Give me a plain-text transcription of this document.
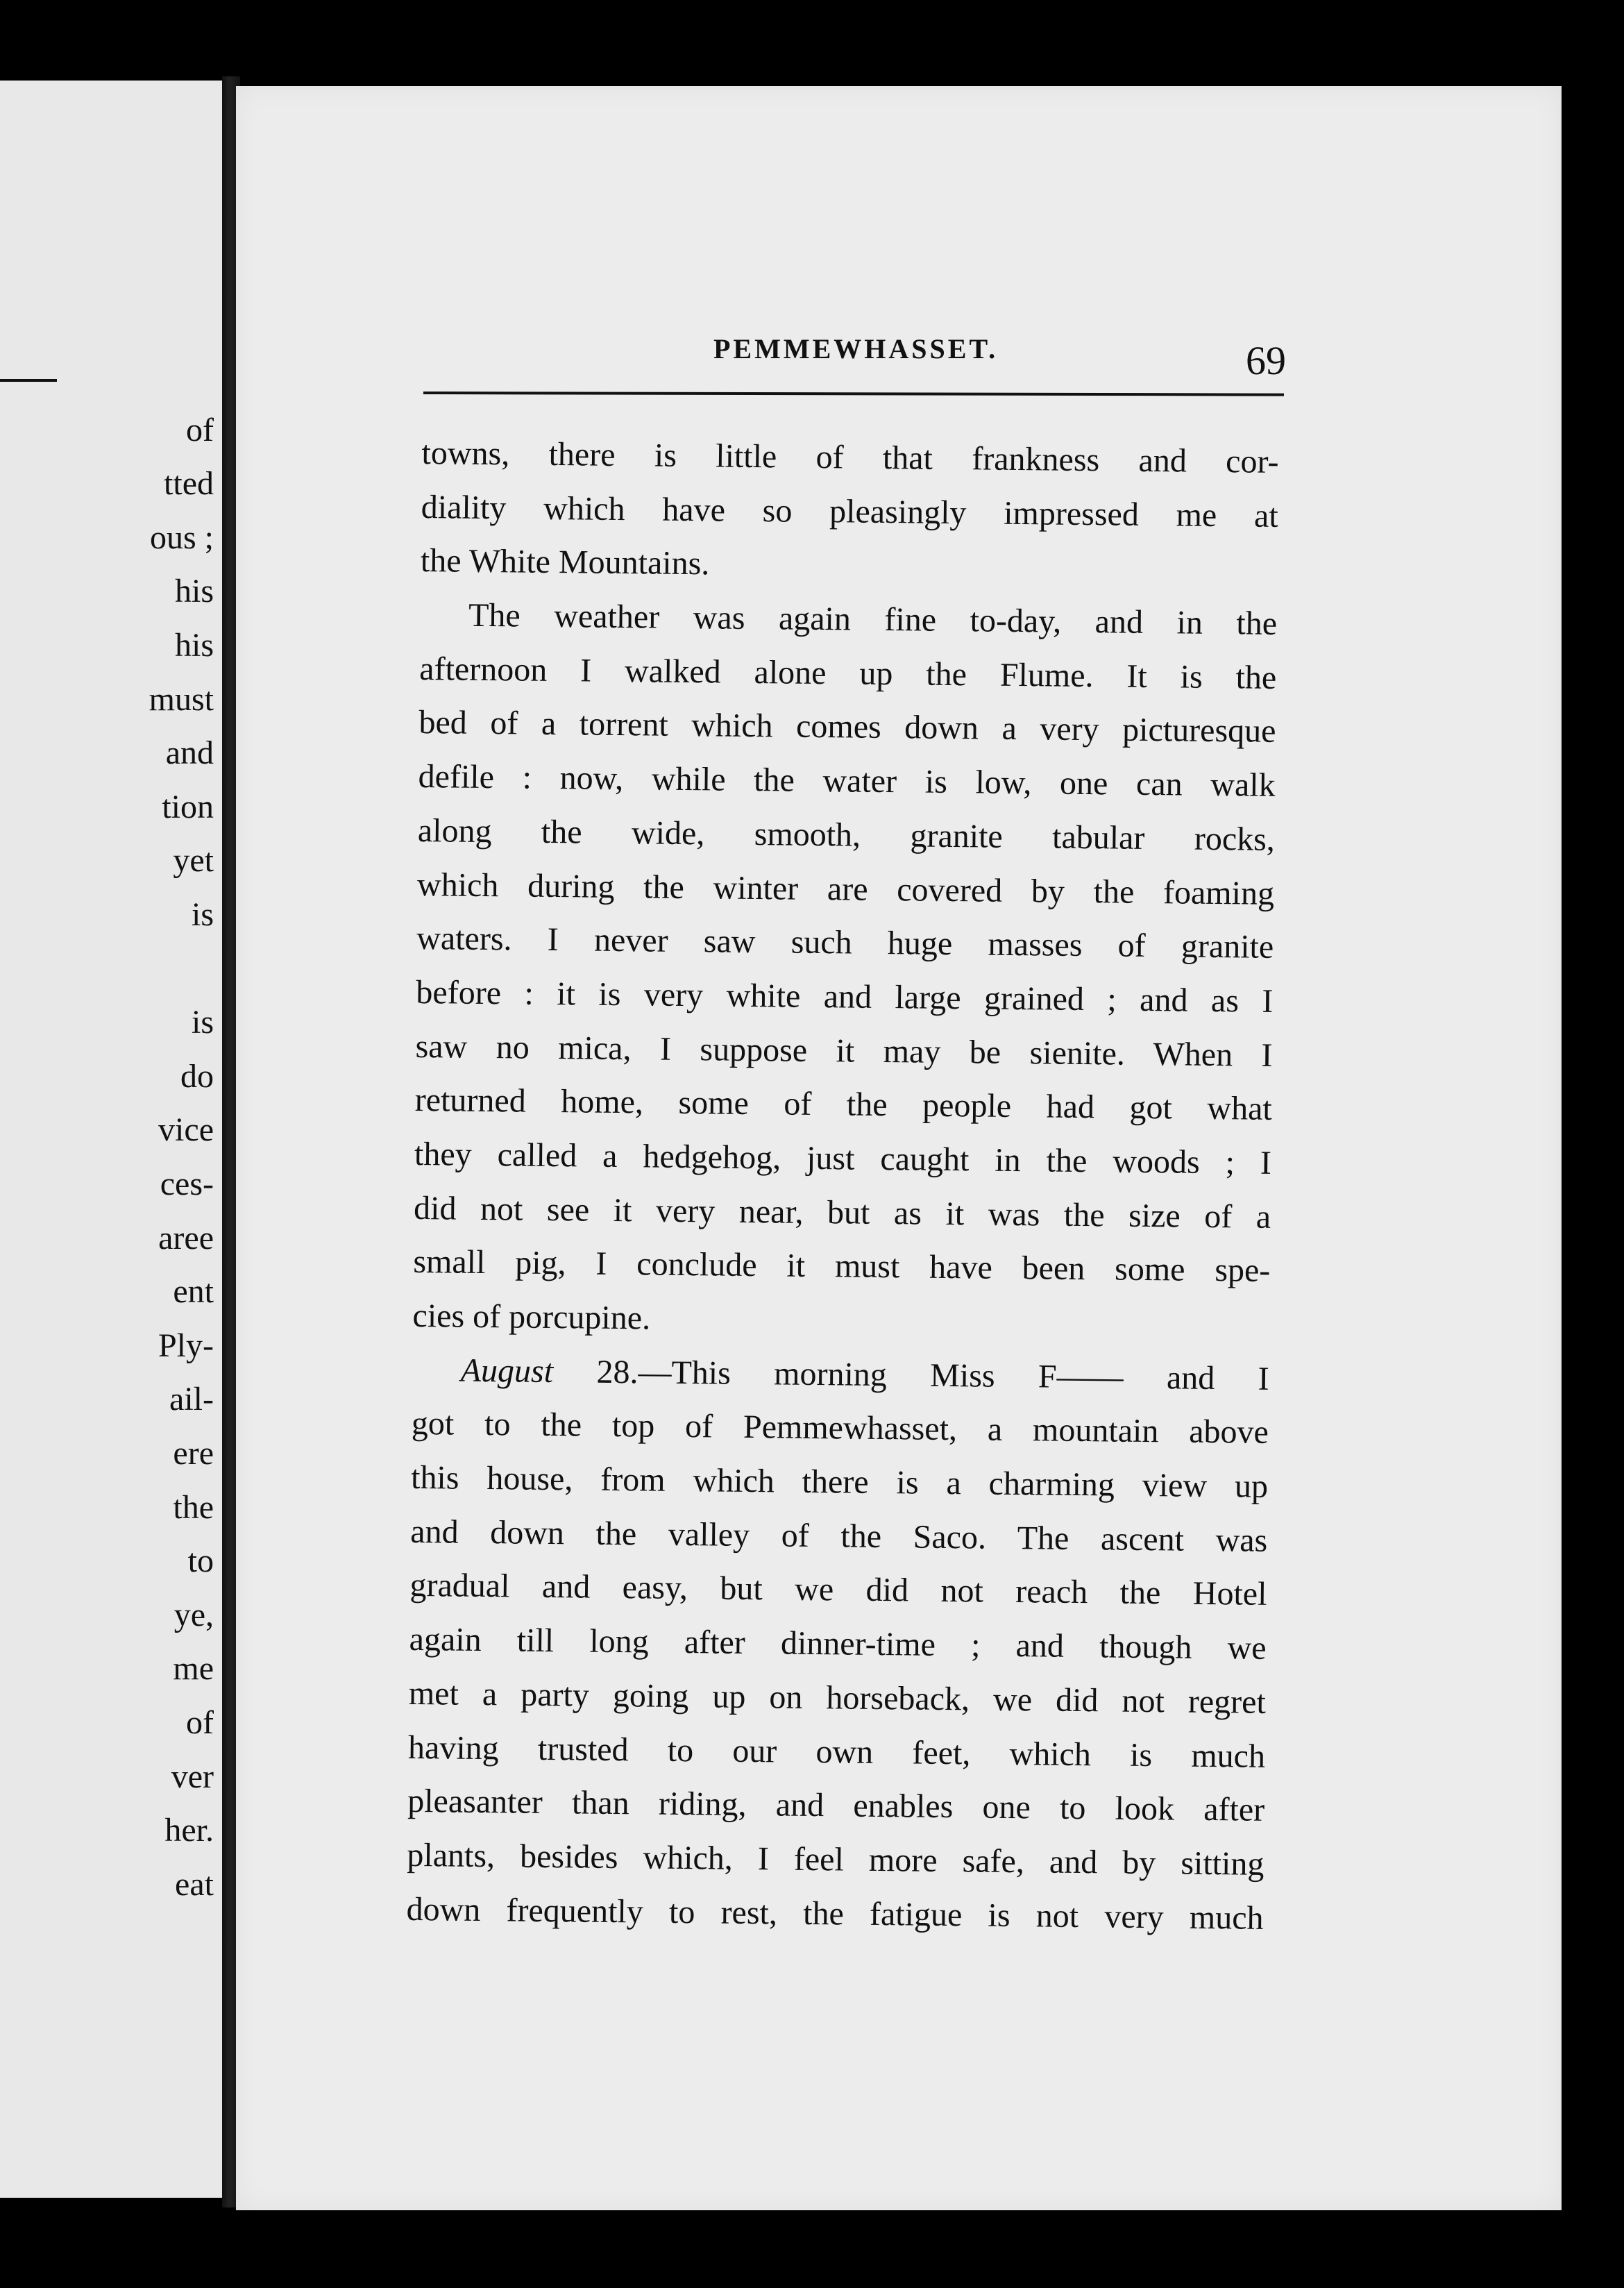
of

tted

ous ;

his

his

must

and

tion

yet

is

is

do

vice

ces-

aree

ent

Ply-

ail-

ere

the

to

ye,

me

of

ver

her.

eat

PEMMEWHASSET.	69

towns, there is little of that frankness and cor-
diality which have so pleasingly impressed me at
the White Mountains.
The weather was again fine to-day, and in the
afternoon I walked alone up the Flume. It is the
bed of a torrent which comes down a very picturesque
defile : now, while the water is low, one can walk
along the wide, smooth, granite tabular rocks,
which during the winter are covered by the foaming
waters. I never saw such huge masses of granite
before : it is very white and large grained ; and as I
saw no mica, I suppose it may be sienite. When I
returned home, some of the people had got what
they called a hedgehog, just caught in the woods ; I
did not see it very near, but as it was the size of a
small pig, I conclude it must have been some spe-
cies of porcupine.
August 28.—This morning Miss F—— and I
got to the top of Pemmewhasset, a mountain above
this house, from which there is a charming view up
and down the valley of the Saco. The ascent was
gradual and easy, but we did not reach the Hotel
again till long after dinner-time ; and though we
met a party going up on horseback, we did not regret
having trusted to our own feet, which is much
pleasanter than riding, and enables one to look after
plants, besides which, I feel more safe, and by sitting
down frequently to rest, the fatigue is not very much
